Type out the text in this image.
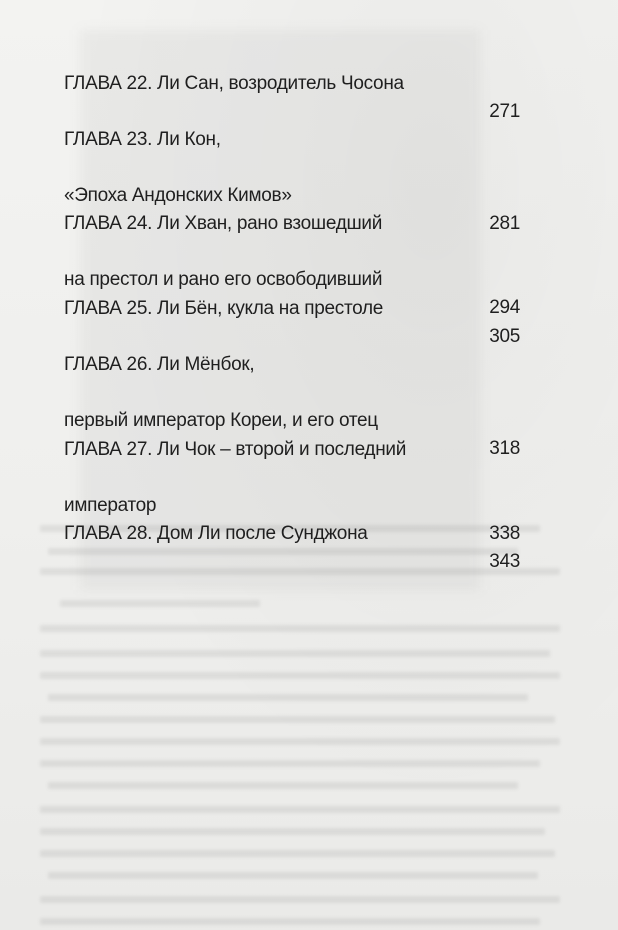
ГЛАВА 22. Ли Сан, возродитель Чосона

271

ГЛАВА 23. Ли Кон,

«Эпоха Андонских Кимов»

281

ГЛАВА 24. Ли Хван, рано взошедший

на престол и рано его освободивший

294

ГЛАВА 25. Ли Бён, кукла на престоле

305

ГЛАВА 26. Ли Мёнбок,

первый император Кореи, и его отец

318

ГЛАВА 27. Ли Чок – второй и последний

император

338

ГЛАВА 28. Дом Ли после Сунджона

343
